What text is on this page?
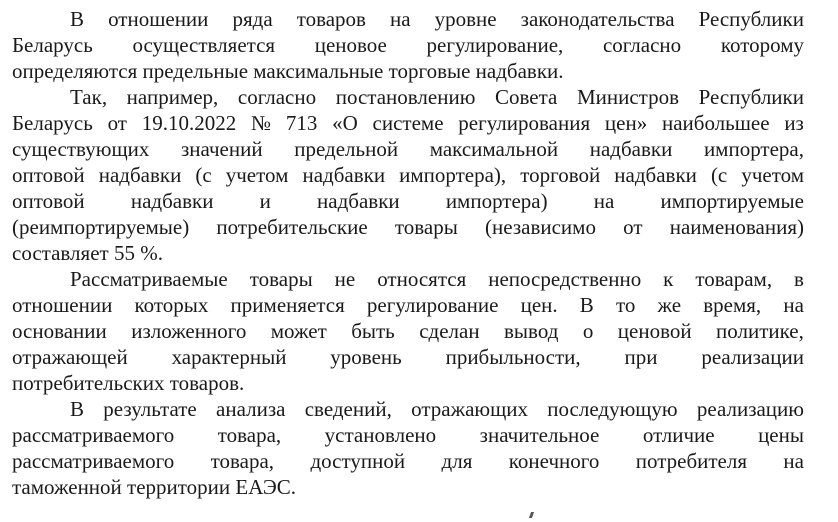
В отношении ряда товаров на уровне законодательства Республики
Беларусь осуществляется ценовое регулирование, согласно которому
определяются предельные максимальные торговые надбавки.
Так, например, согласно постановлению Совета Министров Республики
Беларусь от 19.10.2022 № 713 «О системе регулирования цен» наибольшее из
существующих значений предельной максимальной надбавки импортера,
оптовой надбавки (с учетом надбавки импортера), торговой надбавки (с учетом
оптовой надбавки и надбавки импортера) на импортируемые
(реимпортируемые) потребительские товары (независимо от наименования)
составляет 55 %.
Рассматриваемые товары не относятся непосредственно к товарам, в
отношении которых применяется регулирование цен. В то же время, на
основании изложенного может быть сделан вывод о ценовой политике,
отражающей характерный уровень прибыльности, при реализации
потребительских товаров.
В результате анализа сведений, отражающих последующую реализацию
рассматриваемого товара, установлено значительное отличие цены
рассматриваемого товара, доступной для конечного потребителя на
таможенной территории ЕАЭС.
